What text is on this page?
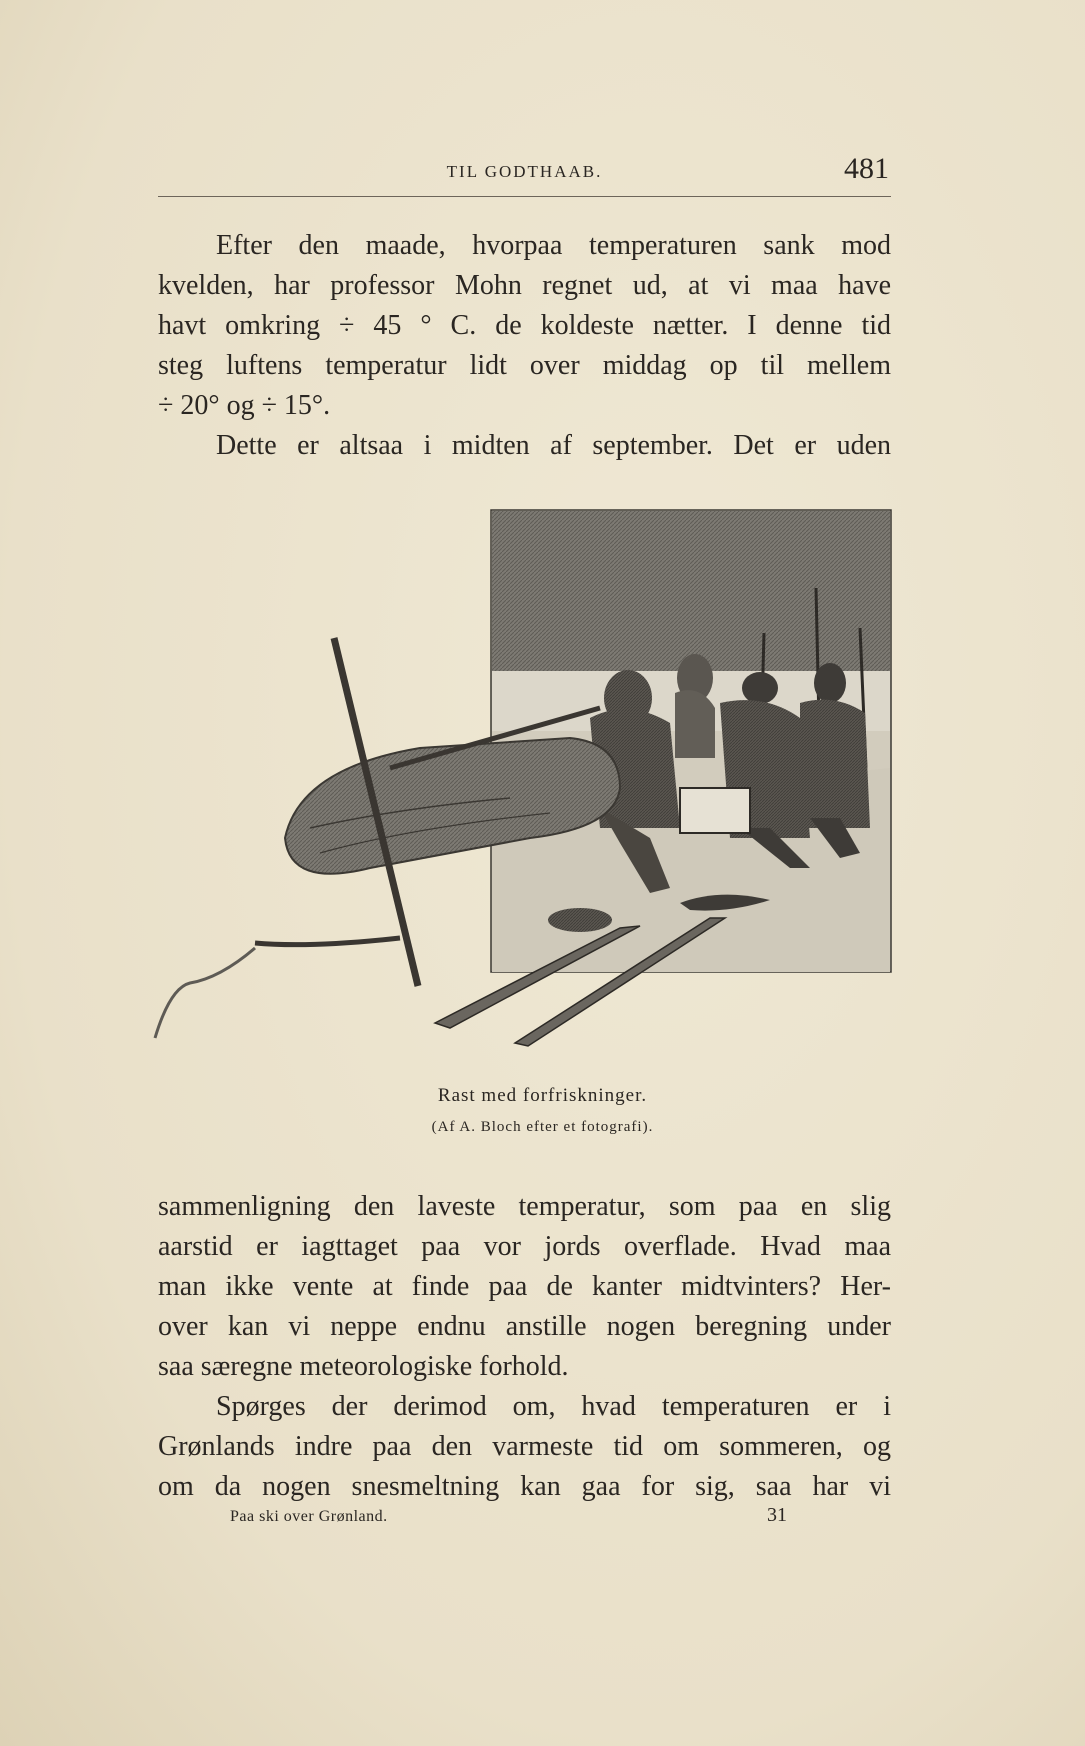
TIL GODTHAAB.	481
Efter den maade, hvorpaa temperaturen sank mod
kvelden, har professor Mohn regnet ud, at vi maa have
havt omkring ÷ 45 ° C. de koldeste nætter. I denne tid
steg luftens temperatur lidt over middag op til mellem
÷ 20° og ÷ 15°.
Dette er altsaa i midten af september. Det er uden
Rast med forfriskninger.
(Af A. Bloch efter et fotografi).
sammenligning den laveste temperatur, som paa en slig
aarstid er iagttaget paa vor jords overflade. Hvad maa
man ikke vente at finde paa de kanter midtvinters? Her-
over kan vi neppe endnu anstille nogen beregning under
saa særegne meteorologiske forhold.
Spørges der derimod om, hvad temperaturen er i
Grønlands indre paa den varmeste tid om sommeren, og
om da nogen snesmeltning kan gaa for sig, saa har vi
Paa ski over Grønland.	31
